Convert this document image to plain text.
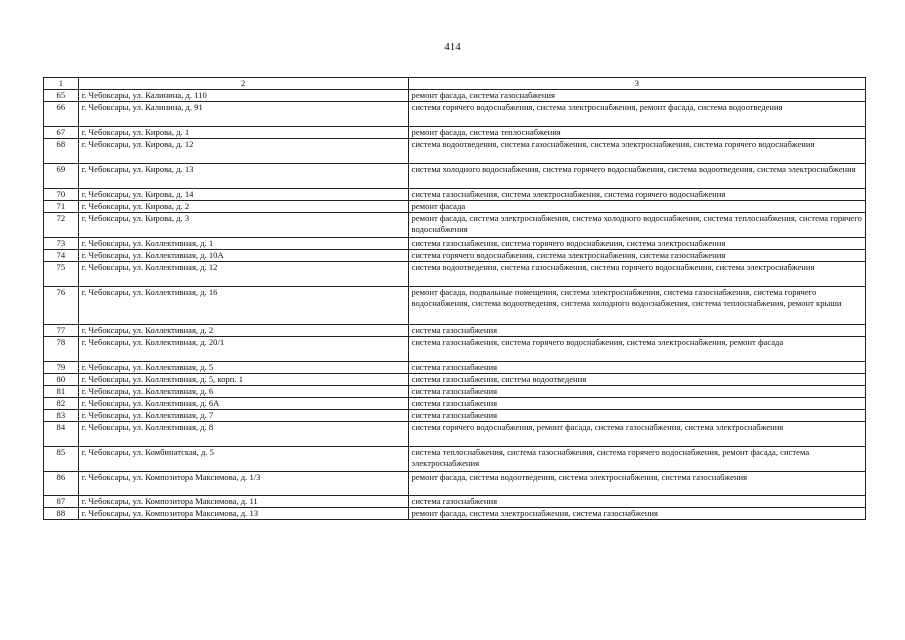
414
1	2	3
65	г. Чебоксары, ул. Калинина, д. 110	ремонт фасада, система газоснабжения
66	г. Чебоксары, ул. Калинина, д. 91	система горячего водоснабжения, система электроснабжения, ремонт фасада, система водоотведения
67	г. Чебоксары, ул. Кирова, д. 1	ремонт фасада, система теплоснабжения
68	г. Чебоксары, ул. Кирова, д. 12	система водоотведения, система газоснабжения, система электроснабжения, система горячего водоснабжения
69	г. Чебоксары, ул. Кирова, д. 13	система холодного водоснабжения, система горячего водоснабжения, система водоотведения, система электроснабжения
70	г. Чебоксары, ул. Кирова, д. 14	система газоснабжения, система электроснабжения, система горячего водоснабжения
71	г. Чебоксары, ул. Кирова, д. 2	ремонт фасада
72	г. Чебоксары, ул. Кирова, д. 3	ремонт фасада, система электроснабжения, система холодного водоснабжения, система теплоснабжения, система горячего водоснабжения
73	г. Чебоксары, ул. Коллективная, д. 1	система газоснабжения, система горячего водоснабжения, система электроснабжения
74	г. Чебоксары, ул. Коллективная, д. 10А	система горячего водоснабжения, система электроснабжения, система газоснабжения
75	г. Чебоксары, ул. Коллективная, д. 12	система водоотведения, система газоснабжения, система горячего водоснабжения, система электроснабжения
76	г. Чебоксары, ул. Коллективная, д. 16	ремонт фасада, подвальные помещения, система электроснабжения, система газоснабжения, система горячего водоснабжения, система водоотведения, система холодного водоснабжения, система теплоснабжения, ремонт крыши
77	г. Чебоксары, ул. Коллективная, д. 2	система газоснабжения
78	г. Чебоксары, ул. Коллективная, д. 20/1	система газоснабжения, система горячего водоснабжения, система электроснабжения, ремонт фасада
79	г. Чебоксары, ул. Коллективная, д. 5	система газоснабжения
80	г. Чебоксары, ул. Коллективная, д. 5, корп. 1	система газоснабжения, система водоотведения
81	г. Чебоксары, ул. Коллективная, д. 6	система газоснабжения
82	г. Чебоксары, ул. Коллективная, д. 6А	система газоснабжения
83	г. Чебоксары, ул. Коллективная, д. 7	система газоснабжения
84	г. Чебоксары, ул. Коллективная, д. 8	система горячего водоснабжения, ремонт фасада, система газоснабжения, система электроснабжения
85	г. Чебоксары, ул. Комбинатская, д. 5	система теплоснабжения, система газоснабжения, система горячего водоснабжения, ремонт фасада, система электроснабжения
86	г. Чебоксары, ул. Композитора Максимова, д. 1/3	ремонт фасада, система водоотведения, система электроснабжения, система газоснабжения
87	г. Чебоксары, ул. Композитора Максимова, д. 11	система газоснабжения
88	г. Чебоксары, ул. Композитора Максимова, д. 13	ремонт фасада, система электроснабжения, система газоснабжения
